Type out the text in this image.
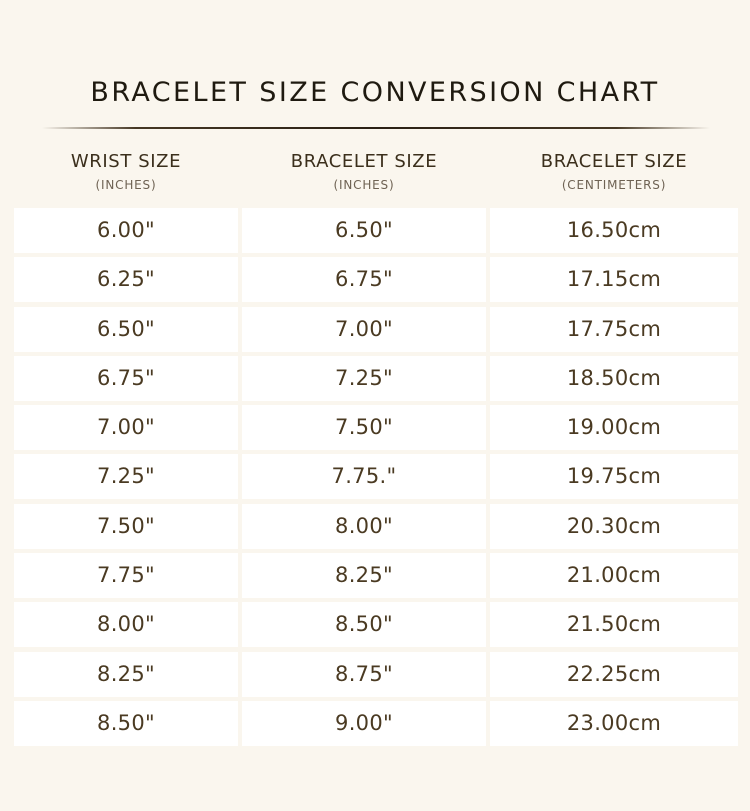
BRACELET SIZE CONVERSION CHART
WRIST SIZE
(INCHES)
BRACELET SIZE
(INCHES)
BRACELET SIZE
(CENTIMETERS)
6.00"	6.50"	16.50cm
6.25"	6.75"	17.15cm
6.50"	7.00"	17.75cm
6.75"	7.25"	18.50cm
7.00"	7.50"	19.00cm
7.25"	7.75."	19.75cm
7.50"	8.00"	20.30cm
7.75"	8.25"	21.00cm
8.00"	8.50"	21.50cm
8.25"	8.75"	22.25cm
8.50"	9.00"	23.00cm
